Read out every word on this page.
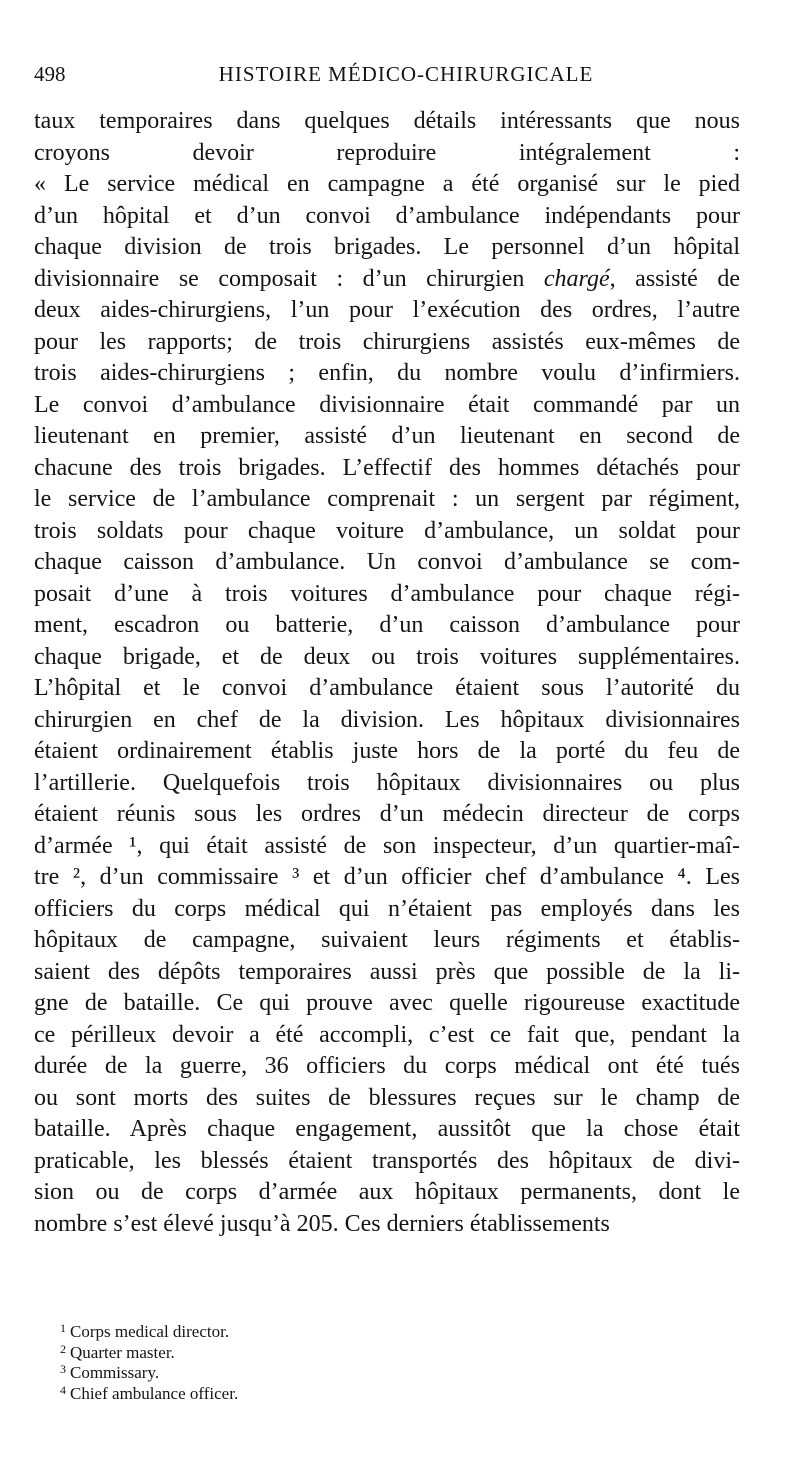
498	HISTOIRE MÉDICO-CHIRURGICALE
taux temporaires dans quelques détails intéressants que nous
croyons devoir reproduire intégralement :
« Le service médical en campagne a été organisé sur le pied
d’un hôpital et d’un convoi d’ambulance indépendants pour
chaque division de trois brigades. Le personnel d’un hôpital
divisionnaire se composait : d’un chirurgien chargé, assisté de
deux aides-chirurgiens, l’un pour l’exécution des ordres, l’autre
pour les rapports; de trois chirurgiens assistés eux-mêmes de
trois aides-chirurgiens ; enfin, du nombre voulu d’infirmiers.
Le convoi d’ambulance divisionnaire était commandé par un
lieutenant en premier, assisté d’un lieutenant en second de
chacune des trois brigades. L’effectif des hommes détachés pour
le service de l’ambulance comprenait : un sergent par régiment,
trois soldats pour chaque voiture d’ambulance, un soldat pour
chaque caisson d’ambulance. Un convoi d’ambulance se com-
posait d’une à trois voitures d’ambulance pour chaque régi-
ment, escadron ou batterie, d’un caisson d’ambulance pour
chaque brigade, et de deux ou trois voitures supplémentaires.
L’hôpital et le convoi d’ambulance étaient sous l’autorité du
chirurgien en chef de la division. Les hôpitaux divisionnaires
étaient ordinairement établis juste hors de la porté du feu de
l’artillerie. Quelquefois trois hôpitaux divisionnaires ou plus
étaient réunis sous les ordres d’un médecin directeur de corps
d’armée ¹, qui était assisté de son inspecteur, d’un quartier-maî-
tre ², d’un commissaire ³ et d’un officier chef d’ambulance ⁴. Les
officiers du corps médical qui n’étaient pas employés dans les
hôpitaux de campagne, suivaient leurs régiments et établis-
saient des dépôts temporaires aussi près que possible de la li-
gne de bataille. Ce qui prouve avec quelle rigoureuse exactitude
ce périlleux devoir a été accompli, c’est ce fait que, pendant la
durée de la guerre, 36 officiers du corps médical ont été tués
ou sont morts des suites de blessures reçues sur le champ de
bataille. Après chaque engagement, aussitôt que la chose était
praticable, les blessés étaient transportés des hôpitaux de divi-
sion ou de corps d’armée aux hôpitaux permanents, dont le
nombre s’est élevé jusqu’à 205. Ces derniers établissements
$^1$ Corps medical director.
$^2$ Quarter master.
$^3$ Commissary.
$^4$ Chief ambulance officer.
